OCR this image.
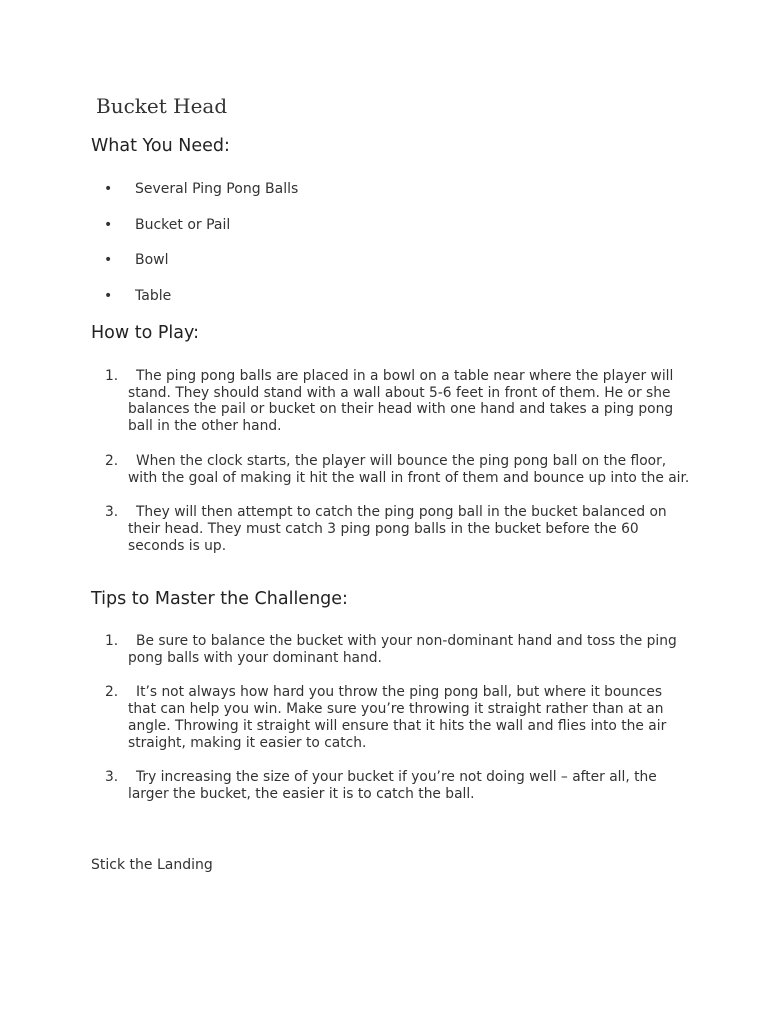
Bucket Head
What You Need:
• Several Ping Pong Balls
• Bucket or Pail
• Bowl
• Table
How to Play:
1.	The ping pong balls are placed in a bowl on a table near where the player will stand. They should stand with a wall about 5-6 feet in front of them. He or she balances the pail or bucket on their head with one hand and takes a ping pong ball in the other hand.
2.	When the clock starts, the player will bounce the ping pong ball on the floor, with the goal of making it hit the wall in front of them and bounce up into the air.
3.	They will then attempt to catch the ping pong ball in the bucket balanced on their head. They must catch 3 ping pong balls in the bucket before the 60 seconds is up.
Tips to Master the Challenge:
1.	Be sure to balance the bucket with your non-dominant hand and toss the ping pong balls with your dominant hand.
2.	It’s not always how hard you throw the ping pong ball, but where it bounces that can help you win. Make sure you’re throwing it straight rather than at an angle. Throwing it straight will ensure that it hits the wall and flies into the air straight, making it easier to catch.
3.	Try increasing the size of your bucket if you’re not doing well – after all, the larger the bucket, the easier it is to catch the ball.
Stick the Landing
